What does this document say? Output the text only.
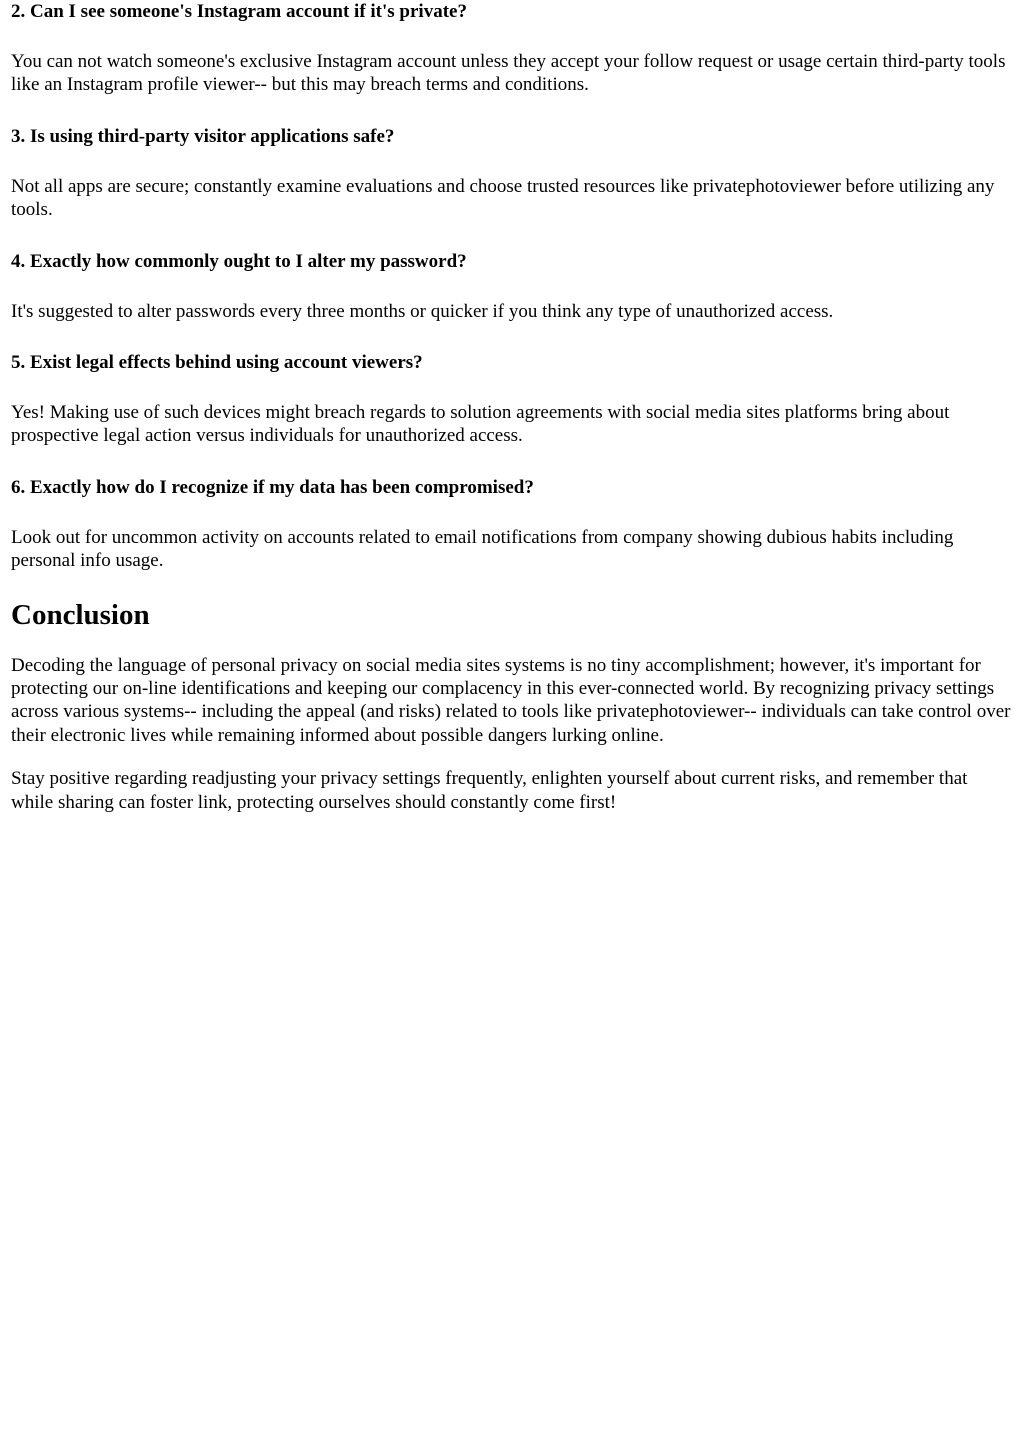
2. Can I see someone's Instagram account if it's private?

You can not watch someone's exclusive Instagram account unless they accept your follow request or usage certain third-party tools like an Instagram profile viewer-- but this may breach terms and conditions.

3. Is using third-party visitor applications safe?

Not all apps are secure; constantly examine evaluations and choose trusted resources like privatephotoviewer before utilizing any tools.

4. Exactly how commonly ought to I alter my password?

It's suggested to alter passwords every three months or quicker if you think any type of unauthorized access.

5. Exist legal effects behind using account viewers?

Yes! Making use of such devices might breach regards to solution agreements with social media sites platforms bring about prospective legal action versus individuals for unauthorized access.

6. Exactly how do I recognize if my data has been compromised?

Look out for uncommon activity on accounts related to email notifications from company showing dubious habits including personal info usage.

Conclusion

Decoding the language of personal privacy on social media sites systems is no tiny accomplishment; however, it's important for protecting our on-line identifications and keeping our complacency in this ever-connected world. By recognizing privacy settings across various systems-- including the appeal (and risks) related to tools like privatephotoviewer-- individuals can take control over their electronic lives while remaining informed about possible dangers lurking online.

Stay positive regarding readjusting your privacy settings frequently, enlighten yourself about current risks, and remember that while sharing can foster link, protecting ourselves should constantly come first!
